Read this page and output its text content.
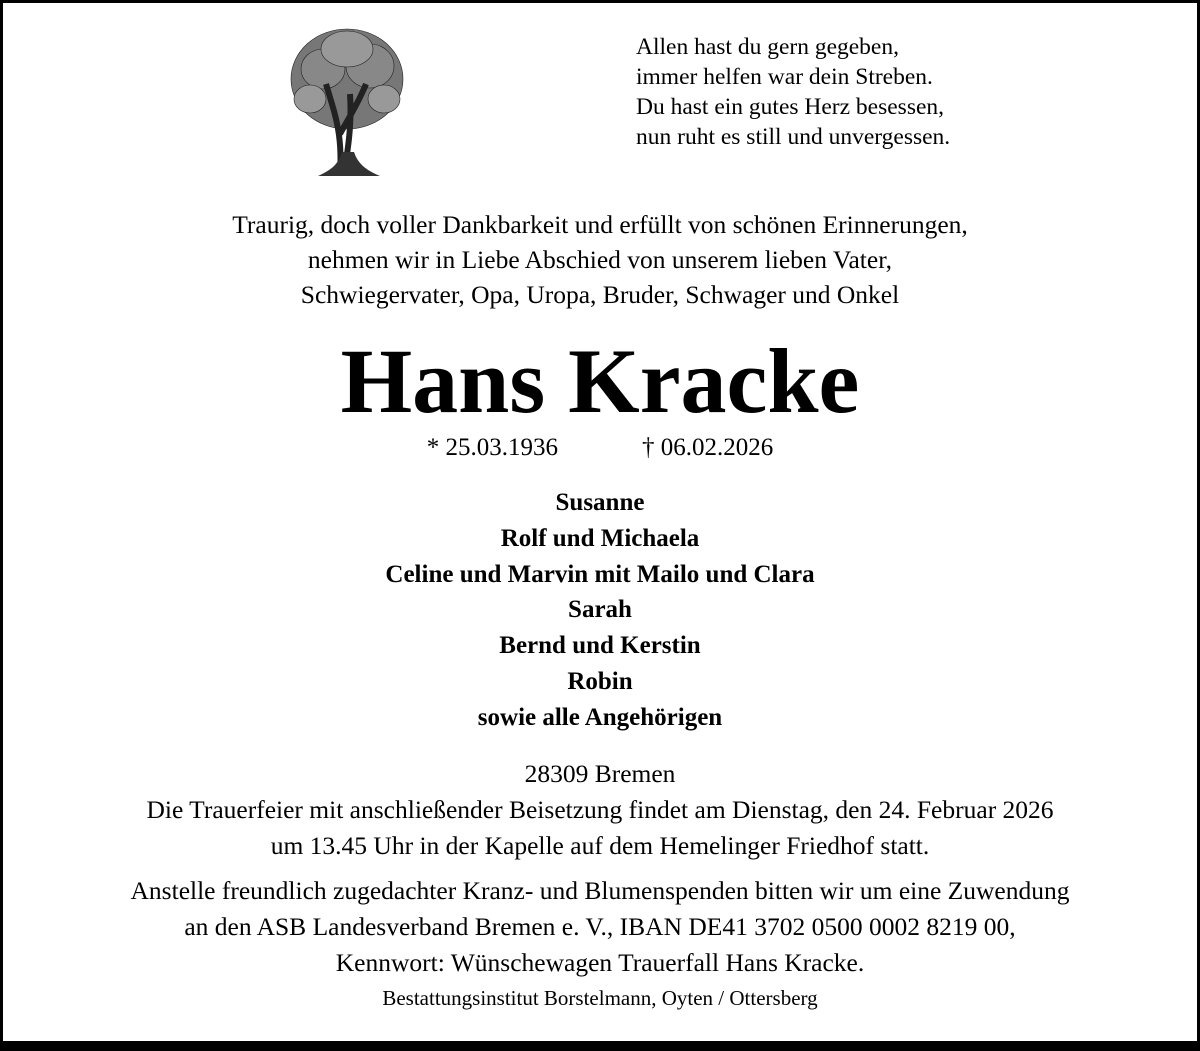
Allen hast du gern gegeben,
immer helfen war dein Streben.
Du hast ein gutes Herz besessen,
nun ruht es still und unvergessen.
Traurig, doch voller Dankbarkeit und erfüllt von schönen Erinnerungen,
nehmen wir in Liebe Abschied von unserem lieben Vater,
Schwiegervater, Opa, Uropa, Bruder, Schwager und Onkel
Hans Kracke
* 25.03.1936	† 06.02.2026
Susanne
Rolf und Michaela
Celine und Marvin mit Mailo und Clara
Sarah
Bernd und Kerstin
Robin
sowie alle Angehörigen
28309 Bremen
Die Trauerfeier mit anschließender Beisetzung findet am Dienstag, den 24. Februar 2026
um 13.45 Uhr in der Kapelle auf dem Hemelinger Friedhof statt.
Anstelle freundlich zugedachter Kranz- und Blumenspenden bitten wir um eine Zuwendung
an den ASB Landesverband Bremen e. V., IBAN DE41 3702 0500 0002 8219 00,
Kennwort: Wünschewagen Trauerfall Hans Kracke.
Bestattungsinstitut Borstelmann, Oyten / Ottersberg
